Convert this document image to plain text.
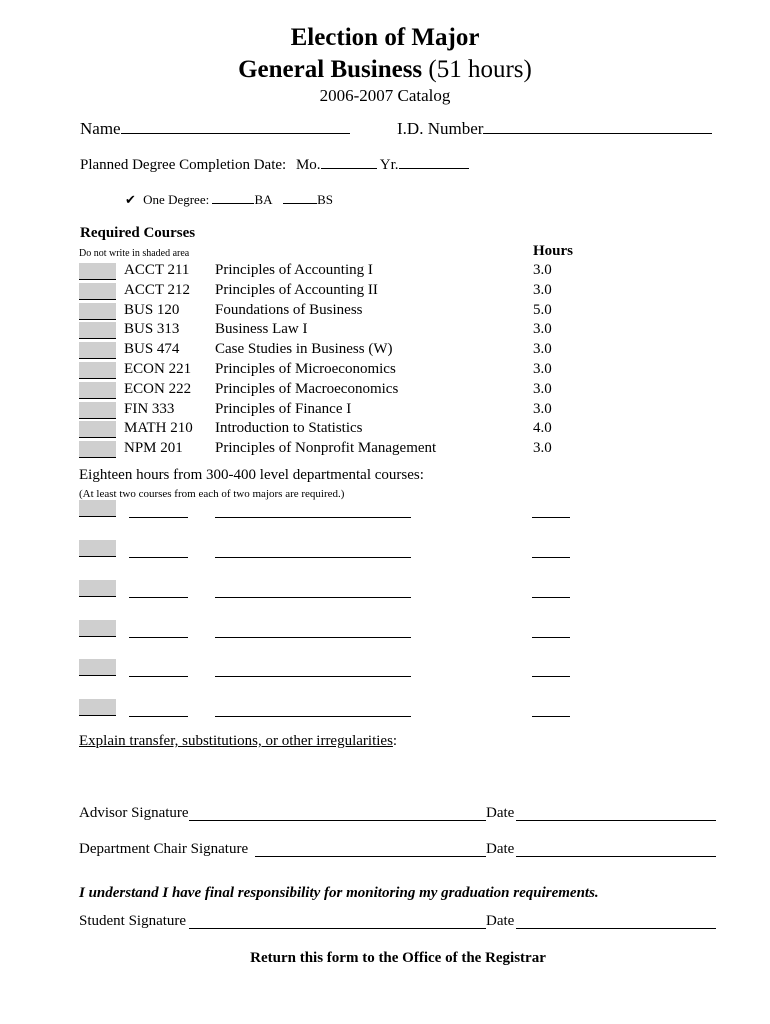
Election of Major
General Business (51 hours)
2006-2007 Catalog
Name	I.D. Number
Planned Degree Completion Date: Mo.	Yr.
✔ One Degree:	BA	BS
Required Courses
Do not write in shaded area	Hours
ACCT 211 Principles of Accounting I	3.0
ACCT 212 Principles of Accounting II	3.0
BUS 120 Foundations of Business	5.0
BUS 313 Business Law I	3.0
BUS 474 Case Studies in Business (W)	3.0
ECON 221 Principles of Microeconomics	3.0
ECON 222 Principles of Macroeconomics	3.0
FIN 333	Principles of Finance I	3.0
MATH 210 Introduction to Statistics	4.0
NPM 201 Principles of Nonprofit Management	3.0
Eighteen hours from 300-400 level departmental courses:
(At least two courses from each of two majors are required.)
Explain transfer, substitutions, or other irregularities:
Advisor Signature	Date
Department Chair Signature	Date
I understand I have final responsibility for monitoring my graduation requirements.
Student Signature	Date
Return this form to the Office of the Registrar
